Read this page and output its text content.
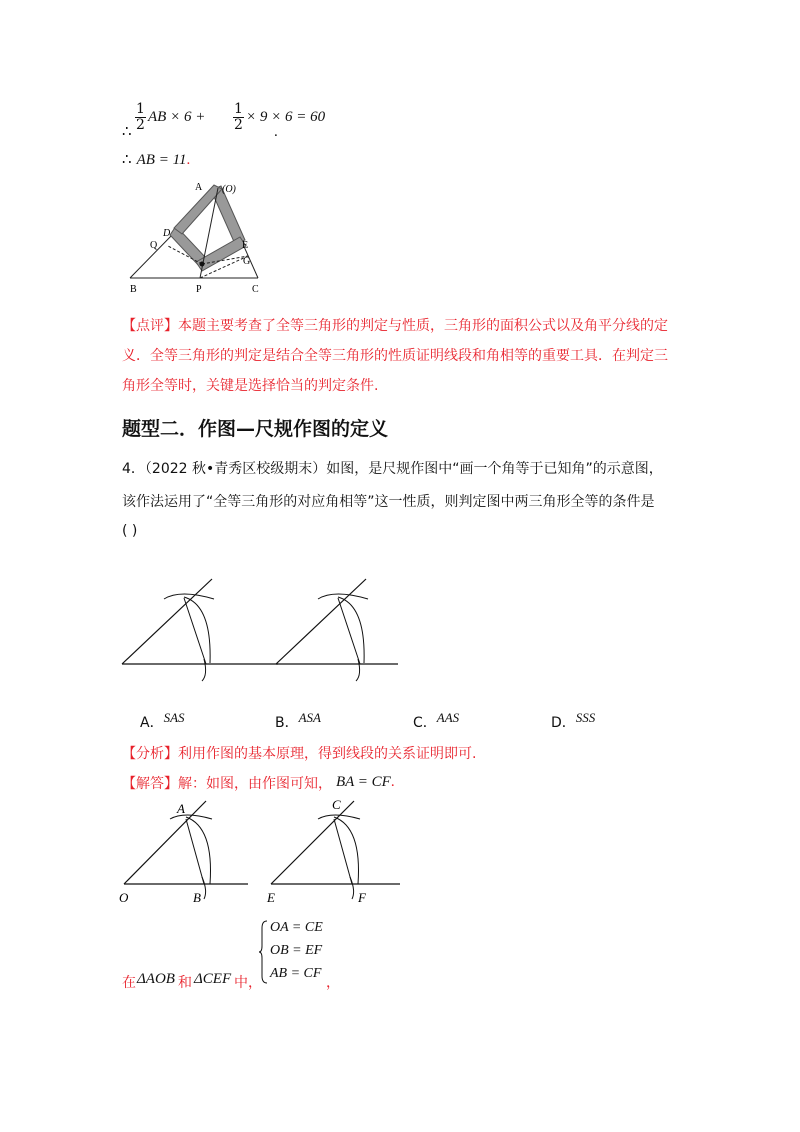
∴ $\frac{1}{2}$ AB × $6 + \frac{1}{2} \times 9 \times 6 = 60$
.
∴ AB = 11.
A (O)
D
Q	E
G
B	P	C
【点评】本题主要考查了全等三角形的判定与性质，三角形的面积公式以及角平分线的定
义．全等三角形的判定是结合全等三角形的性质证明线段和角相等的重要工具．在判定三
角形全等时，关键是选择恰当的判定条件.
题型二．作图—尺规作图的定义
4．（2022 秋•青秀区校级期末）如图，是尺规作图中“画一个角等于已知角”的示意图，
该作法运用了“全等三角形的对应角相等”这一性质，则判定图中两三角形全等的条件是
( )
A．$^{SAS}$	B．$^{ASA}$	C．$^{AAS}$	D．$^{SSS}$
【分析】利用作图的基本原理，得到线段的关系证明即可.
【解答】解：如图，由作图可知， BA = CF.
A
O	B
C
E	F
在 ΔAOB 和 ΔCEF 中，
OA = CE
OB = EF
AB = CF
，
